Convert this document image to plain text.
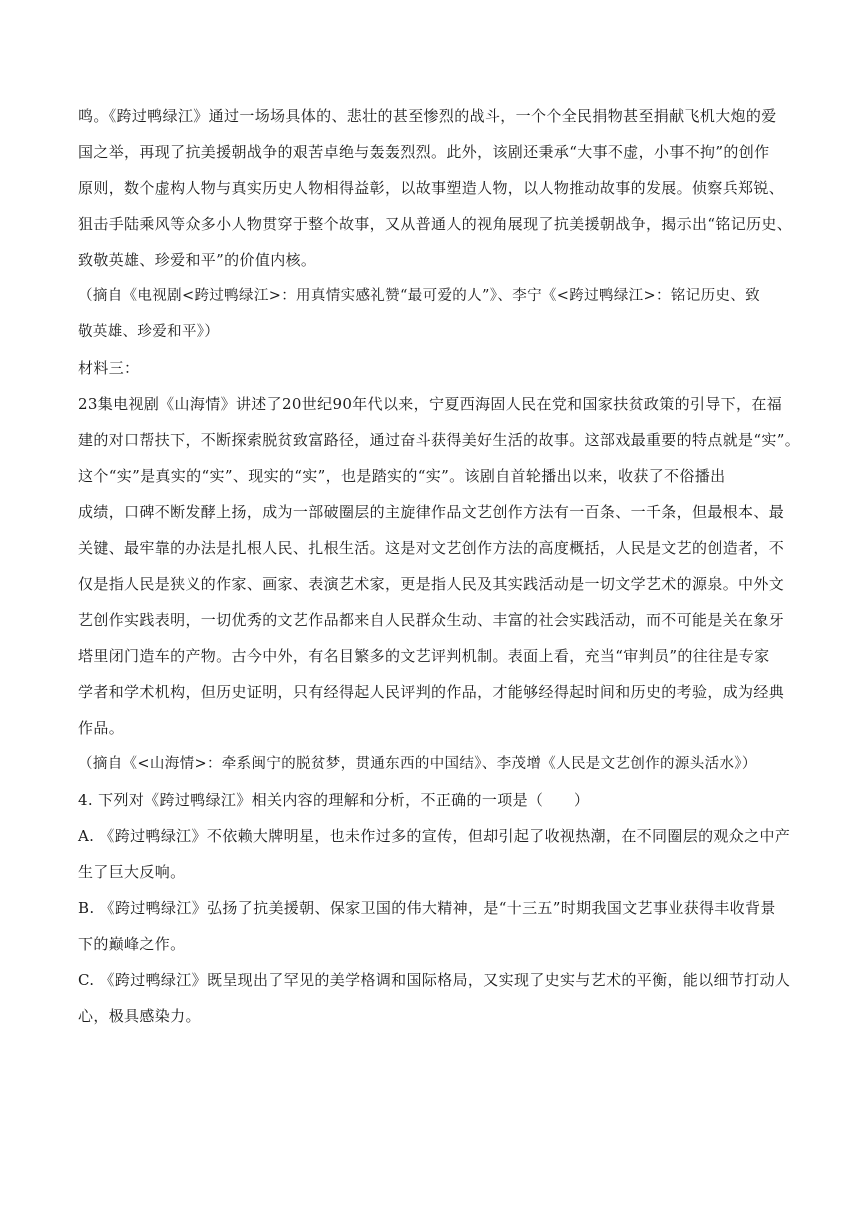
鸣。《跨过鸭绿江》通过一场场具体的、悲壮的甚至惨烈的战斗，一个个全民捐物甚至捐献飞机大炮的爱
国之举，再现了抗美援朝战争的艰苦卓绝与轰轰烈烈。此外，该剧还秉承“大事不虚，小事不拘”的创作
原则，数个虚构人物与真实历史人物相得益彰，以故事塑造人物，以人物推动故事的发展。侦察兵郑锐、
狙击手陆乘风等众多小人物贯穿于整个故事，又从普通人的视角展现了抗美援朝战争，揭示出“铭记历史、
致敬英雄、珍爱和平”的价值内核。
（摘自《电视剧<跨过鸭绿江>：用真情实感礼赞“最可爱的人”》、李宁《<跨过鸭绿江>：铭记历史、致
敬英雄、珍爱和平》）
材料三：
23集电视剧《山海情》讲述了20世纪90年代以来，宁夏西海固人民在党和国家扶贫政策的引导下，在福
建的对口帮扶下，不断探索脱贫致富路径，通过奋斗获得美好生活的故事。这部戏最重要的特点就是“实”。
这个“实”是真实的“实”、现实的“实”，也是踏实的“实”。该剧自首轮播出以来，收获了不俗播出
成绩，口碑不断发酵上扬，成为一部破圈层的主旋律作品文艺创作方法有一百条、一千条，但最根本、最
关键、最牢靠的办法是扎根人民、扎根生活。这是对文艺创作方法的高度概括，人民是文艺的创造者，不
仅是指人民是狭义的作家、画家、表演艺术家，更是指人民及其实践活动是一切文学艺术的源泉。中外文
艺创作实践表明，一切优秀的文艺作品都来自人民群众生动、丰富的社会实践活动，而不可能是关在象牙
塔里闭门造车的产物。古今中外，有名目繁多的文艺评判机制。表面上看，充当“审判员”的往往是专家
学者和学术机构，但历史证明，只有经得起人民评判的作品，才能够经得起时间和历史的考验，成为经典
作品。
（摘自《<山海情>：牵系闽宁的脱贫梦，贯通东西的中国结》、李茂增《人民是文艺创作的源头活水》）
4. 下列对《跨过鸭绿江》相关内容的理解和分析，不正确的一项是（　　）
A. 《跨过鸭绿江》不依赖大牌明星，也未作过多的宣传，但却引起了收视热潮，在不同圈层的观众之中产
生了巨大反响。
B. 《跨过鸭绿江》弘扬了抗美援朝、保家卫国的伟大精神，是“十三五”时期我国文艺事业获得丰收背景
下的巅峰之作。
C. 《跨过鸭绿江》既呈现出了罕见的美学格调和国际格局，又实现了史实与艺术的平衡，能以细节打动人
心，极具感染力。
